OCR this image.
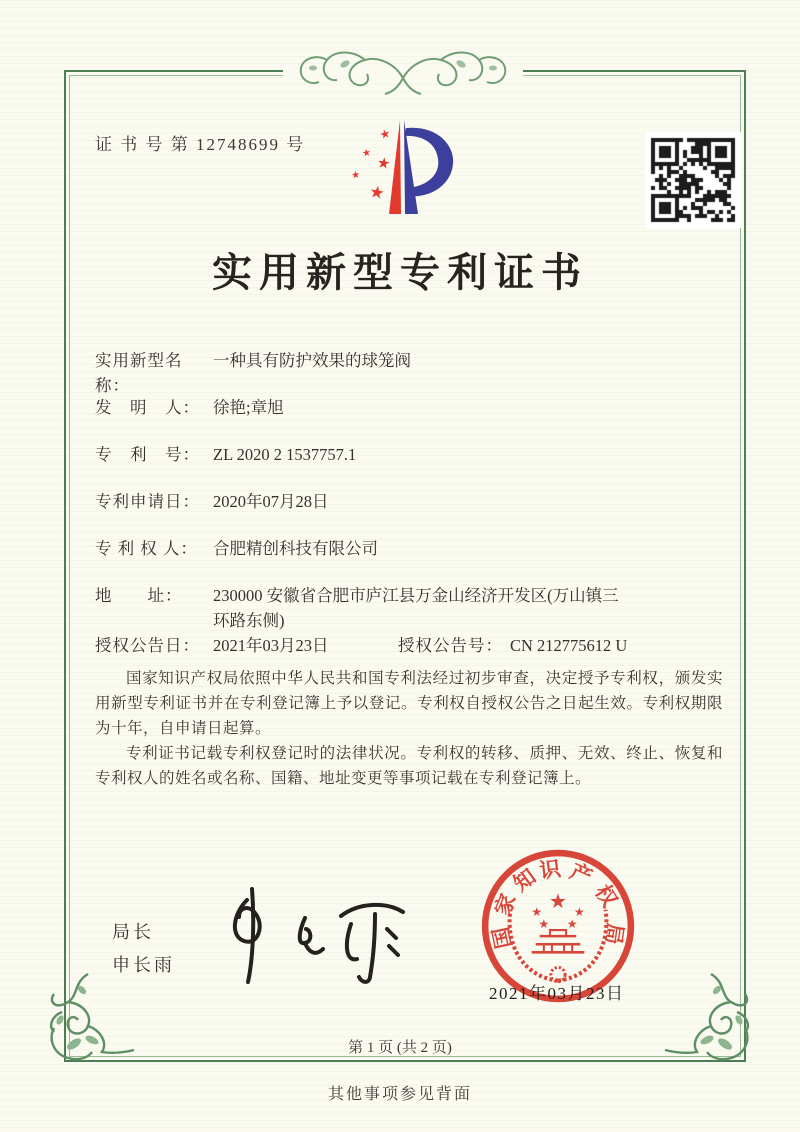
证 书 号 第 12748699 号
★
★ ★
★
★
实用新型专利证书
实用新型名称：一种具有防护效果的球笼阀
发　明　人： 徐艳;章旭
专　利　号： ZL 2020 2 1537757.1
专利申请日： 2020年07月28日
专 利 权 人： 合肥精创科技有限公司
地　　址： 230000 安徽省合肥市庐江县万金山经济开发区(万山镇三环路东侧)
授权公告日： 2021年03月23日	授权公告号： CN 212775612 U

国家知识产权局依照中华人民共和国专利法经过初步审查，决定授予专利权，颁发实用新型专利证书并在专利登记簿上予以登记。专利权自授权公告之日起生效。专利权期限为十年，自申请日起算。

专利证书记载专利权登记时的法律状况。专利权的转移、质押、无效、终止、恢复和专利权人的姓名或名称、国籍、地址变更等事项记载在专利登记簿上。

局长
申长雨
国
家
知
识 产
权
局
★
★	★
★ ★
2021年03月23日
第 1 页 (共 2 页)
其他事项参见背面
